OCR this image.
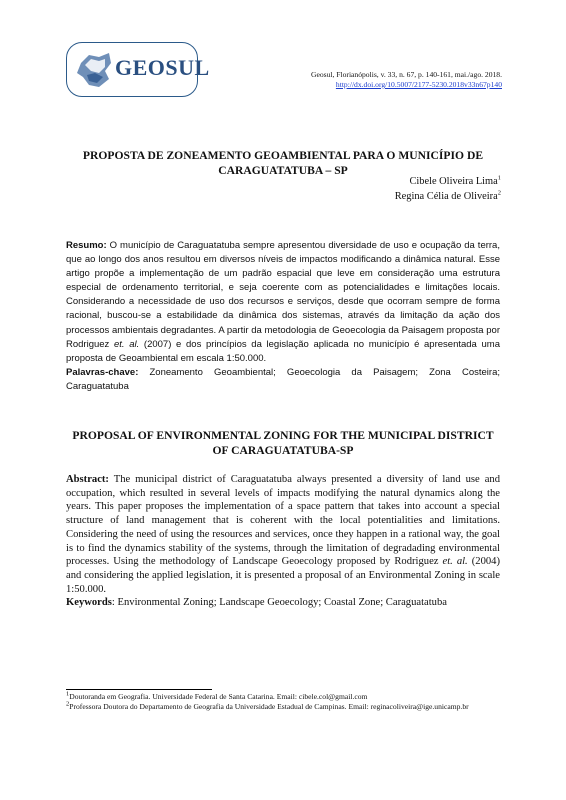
GEOSUL	Geosul, Florianópolis, v. 33, n. 67, p. 140-161, mai./ago. 2018.
http://dx.doi.org/10.5007/2177-5230.2018v33n67p140
PROPOSTA DE ZONEAMENTO GEOAMBIENTAL PARA O MUNICÍPIO DE
CARAGUATATUBA – SP
Cibele Oliveira Lima$^1$
Regina Célia de Oliveira$^2$

Resumo: O município de Caraguatatuba sempre apresentou diversidade de uso e ocupação da terra, que ao longo dos anos resultou em diversos níveis de impactos modificando a dinâmica natural. Esse artigo propõe a implementação de um padrão espacial que leve em consideração uma estrutura especial de ordenamento territorial, e seja coerente com as potencialidades e limitações locais. Considerando a necessidade de uso dos recursos e serviços, desde que ocorram sempre de forma racional, buscou-se a estabilidade da dinâmica dos sistemas, através da limitação da ação dos processos ambientais degradantes. A partir da metodologia de Geoecologia da Paisagem proposta por Rodriguez et. al. (2007) e dos princípios da legislação aplicada no município é apresentada uma proposta de Geoambiental em escala 1:50.000.

Palavras-chave: Zoneamento Geoambiental; Geoecologia da Paisagem; Zona Costeira; Caraguatatuba

PROPOSAL OF ENVIRONMENTAL ZONING FOR THE MUNICIPAL DISTRICT
OF CARAGUATATUBA-SP

Abstract: The municipal district of Caraguatatuba always presented a diversity of land use and occupation, which resulted in several levels of impacts modifying the natural dynamics along the years. This paper proposes the implementation of a space pattern that takes into account a special structure of land management that is coherent with the local potentialities and limitations. Considering the need of using the resources and services, once they happen in a rational way, the goal is to find the dynamics stability of the systems, through the limitation of degradading environmental processes. Using the methodology of Landscape Geoecology proposed by Rodriguez et. al. (2004) and considering the applied legislation, it is presented a proposal of an Environmental Zoning in scale 1:50.000.

Keywords: Environmental Zoning; Landscape Geoecology; Coastal Zone; Caraguatatuba

$^1$Doutoranda em Geografia. Universidade Federal de Santa Catarina. Email: cibele.col@gmail.com

$^2$Professora Doutora do Departamento de Geografia da Universidade Estadual de Campinas. Email: reginacoliveira@ige.unicamp.br
